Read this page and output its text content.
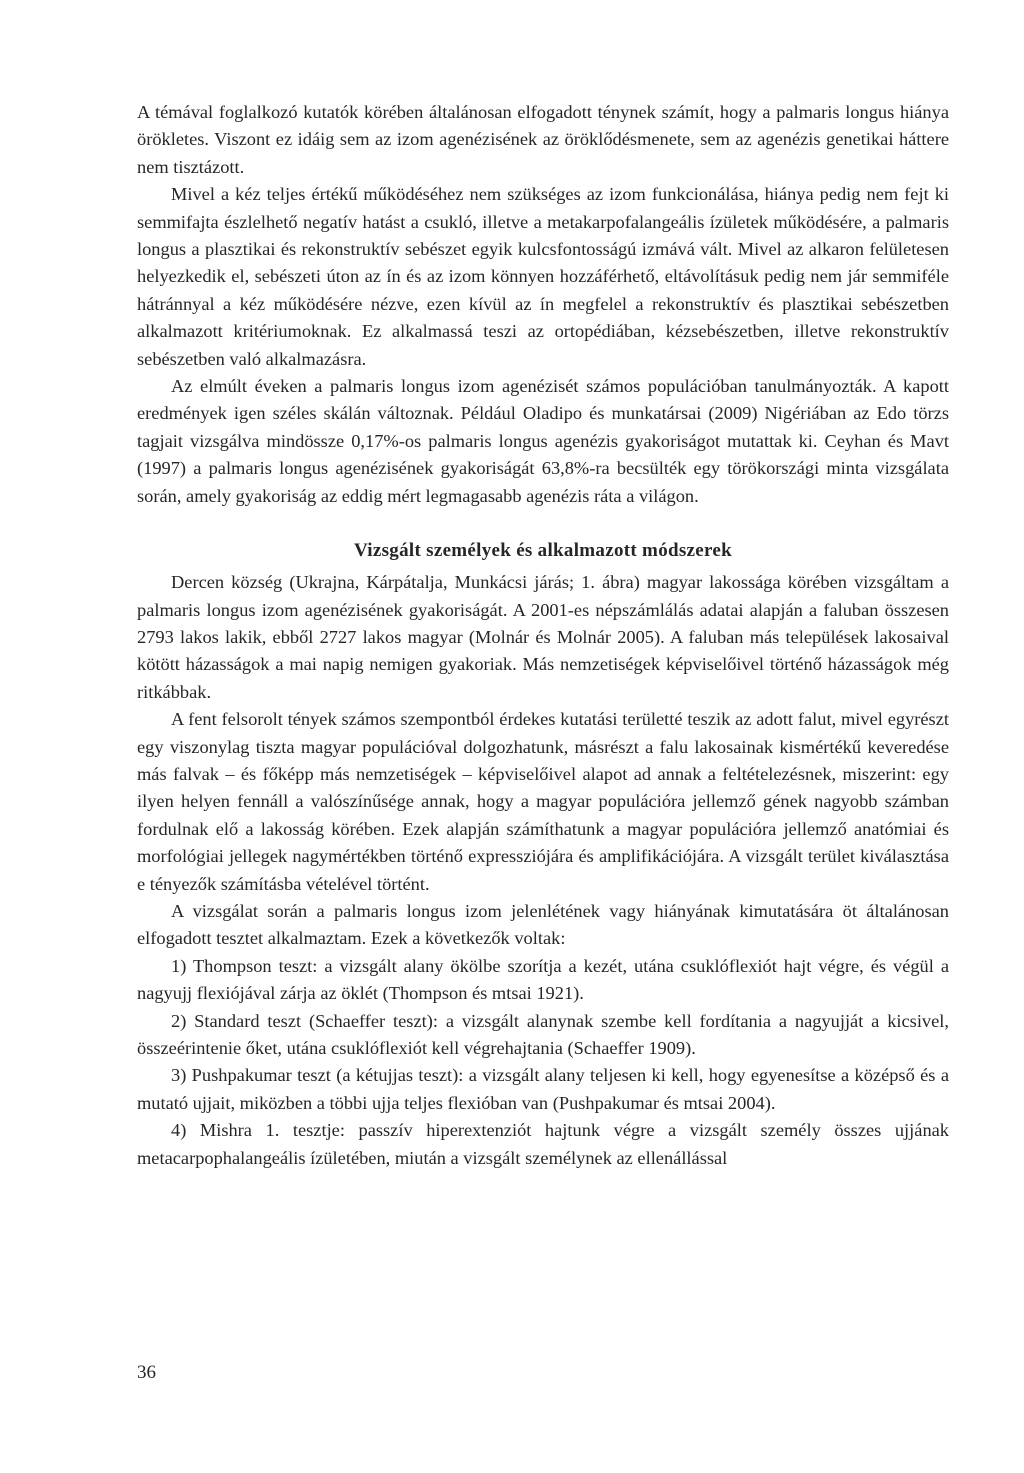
A témával foglalkozó kutatók körében általánosan elfogadott ténynek számít, hogy a palmaris longus hiánya örökletes. Viszont ez idáig sem az izom agenézisének az öröklődésmenete, sem az agenézis genetikai háttere nem tisztázott.

Mivel a kéz teljes értékű működéséhez nem szükséges az izom funkcionálása, hiánya pedig nem fejt ki semmifajta észlelhető negatív hatást a csukló, illetve a metakarpofalangeális ízületek működésére, a palmaris longus a plasztikai és rekonstruktív sebészet egyik kulcsfontosságú izmává vált. Mivel az alkaron felületesen helyezkedik el, sebészeti úton az ín és az izom könnyen hozzáférhető, eltávolításuk pedig nem jár semmiféle hátránnyal a kéz működésére nézve, ezen kívül az ín megfelel a rekonstruktív és plasztikai sebészetben alkalmazott kritériumoknak. Ez alkalmassá teszi az ortopédiában, kézsebészetben, illetve rekonstruktív sebészetben való alkalmazásra.

Az elmúlt éveken a palmaris longus izom agenézisét számos populációban tanulmányozták. A kapott eredmények igen széles skálán változnak. Például Oladipo és munkatársai (2009) Nigériában az Edo törzs tagjait vizsgálva mindössze 0,17%-os palmaris longus agenézis gyakoriságot mutattak ki. Ceyhan és Mavt (1997) a palmaris longus agenézisének gyakoriságát 63,8%-ra becsülték egy törökországi minta vizsgálata során, amely gyakoriság az eddig mért legmagasabb agenézis ráta a világon.

Vizsgált személyek és alkalmazott módszerek

Dercen község (Ukrajna, Kárpátalja, Munkácsi járás; 1. ábra) magyar lakossága körében vizsgáltam a palmaris longus izom agenézisének gyakoriságát. A 2001-es népszámlálás adatai alapján a faluban összesen 2793 lakos lakik, ebből 2727 lakos magyar (Molnár és Molnár 2005). A faluban más települések lakosaival kötött házasságok a mai napig nemigen gyakoriak. Más nemzetiségek képviselőivel történő házasságok még ritkábbak.

A fent felsorolt tények számos szempontból érdekes kutatási területté teszik az adott falut, mivel egyrészt egy viszonylag tiszta magyar populációval dolgozhatunk, másrészt a falu lakosainak kismértékű keveredése más falvak – és főképp más nemzetiségek – képviselőivel alapot ad annak a feltételezésnek, miszerint: egy ilyen helyen fennáll a valószínűsége annak, hogy a magyar populációra jellemző gének nagyobb számban fordulnak elő a lakosság körében. Ezek alapján számíthatunk a magyar populációra jellemző anatómiai és morfológiai jellegek nagymértékben történő expressziójára és amplifikációjára. A vizsgált terület kiválasztása e tényezők számításba vételével történt.

A vizsgálat során a palmaris longus izom jelenlétének vagy hiányának kimutatására öt általánosan elfogadott tesztet alkalmaztam. Ezek a következők voltak:

1) Thompson teszt: a vizsgált alany ökölbe szorítja a kezét, utána csuklóflexiót hajt végre, és végül a nagyujj flexiójával zárja az öklét (Thompson és mtsai 1921).

2) Standard teszt (Schaeffer teszt): a vizsgált alanynak szembe kell fordítania a nagyujját a kicsivel, összeérintenie őket, utána csuklóflexiót kell végrehajtania (Schaeffer 1909).

3) Pushpakumar teszt (a kétujjas teszt): a vizsgált alany teljesen ki kell, hogy egyenesítse a középső és a mutató ujjait, miközben a többi ujja teljes flexióban van (Pushpakumar és mtsai 2004).

4) Mishra 1. tesztje: passzív hiperextenziót hajtunk végre a vizsgált személy összes ujjának metacarpophalangeális ízületében, miután a vizsgált személynek az ellenállással

36
